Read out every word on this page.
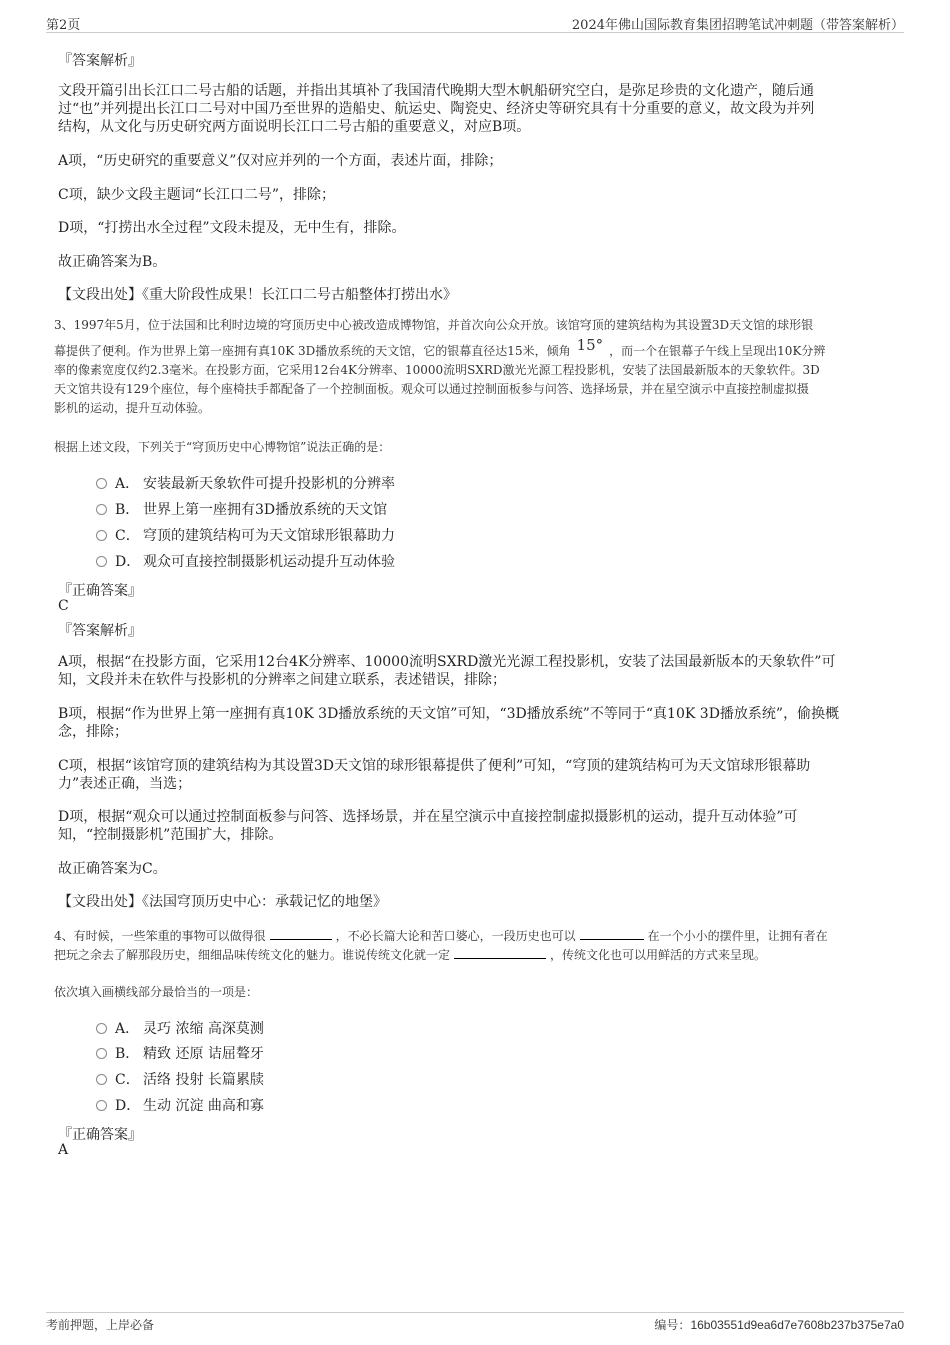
第2页	2024年佛山国际教育集团招聘笔试冲刺题（带答案解析）
『答案解析』
文段开篇引出长江口二号古船的话题，并指出其填补了我国清代晚期大型木帆船研究空白，是弥足珍贵的文化遗产，随后通
过“也”并列提出长江口二号对中国乃至世界的造船史、航运史、陶瓷史、经济史等研究具有十分重要的意义，故文段为并列
结构，从文化与历史研究两方面说明长江口二号古船的重要意义，对应B项。
A项，“历史研究的重要意义”仅对应并列的一个方面，表述片面，排除；
C项，缺少文段主题词“长江口二号”，排除；
D项，“打捞出水全过程”文段未提及，无中生有，排除。
故正确答案为B。
【文段出处】《重大阶段性成果！长江口二号古船整体打捞出水》
3、1997年5月，位于法国和比利时边境的穹顶历史中心被改造成博物馆，并首次向公众开放。该馆穹顶的建筑结构为其设置3D天文馆的球形银
幕提供了便利。作为世界上第一座拥有真10K 3D播放系统的天文馆，它的银幕直径达15米，倾角 15° ，而一个在银幕子午线上呈现出10K分辨
率的像素宽度仅约2.3毫米。在投影方面，它采用12台4K分辨率、10000流明SXRD激光光源工程投影机，安装了法国最新版本的天象软件。3D
天文馆共设有129个座位，每个座椅扶手都配备了一个控制面板。观众可以通过控制面板参与问答、选择场景，并在星空演示中直接控制虚拟摄
影机的运动，提升互动体验。
根据上述文段，下列关于“穹顶历史中心博物馆”说法正确的是：
A． 安装最新天象软件可提升投影机的分辨率
B． 世界上第一座拥有3D播放系统的天文馆
C． 穹顶的建筑结构可为天文馆球形银幕助力
D． 观众可直接控制摄影机运动提升互动体验
『正确答案』
C
『答案解析』
A项，根据“在投影方面，它采用12台4K分辨率、10000流明SXRD激光光源工程投影机，安装了法国最新版本的天象软件”可
知，文段并未在软件与投影机的分辨率之间建立联系，表述错误，排除；
B项，根据“作为世界上第一座拥有真10K 3D播放系统的天文馆”可知，“3D播放系统”不等同于“真10K 3D播放系统”，偷换概
念，排除；
C项，根据“该馆穹顶的建筑结构为其设置3D天文馆的球形银幕提供了便利”可知，“穹顶的建筑结构可为天文馆球形银幕助
力”表述正确，当选；
D项，根据“观众可以通过控制面板参与问答、选择场景，并在星空演示中直接控制虚拟摄影机的运动，提升互动体验”可
知，“控制摄影机”范围扩大，排除。
故正确答案为C。
【文段出处】《法国穹顶历史中心：承载记忆的地堡》
4、有时候，一些笨重的事物可以做得很	，不必长篇大论和苦口婆心，一段历史也可以	在一个小小的摆件里，让拥有者在
把玩之余去了解那段历史，细细品味传统文化的魅力。谁说传统文化就一定	，传统文化也可以用鲜活的方式来呈现。
依次填入画横线部分最恰当的一项是：
A． 灵巧 浓缩 高深莫测
B． 精致 还原 诘屈聱牙
C． 活络 投射 长篇累牍
D． 生动 沉淀 曲高和寡
『正确答案』
A
考前押题，上岸必备	编号：16b03551d9ea6d7e7608b237b375e7a0
